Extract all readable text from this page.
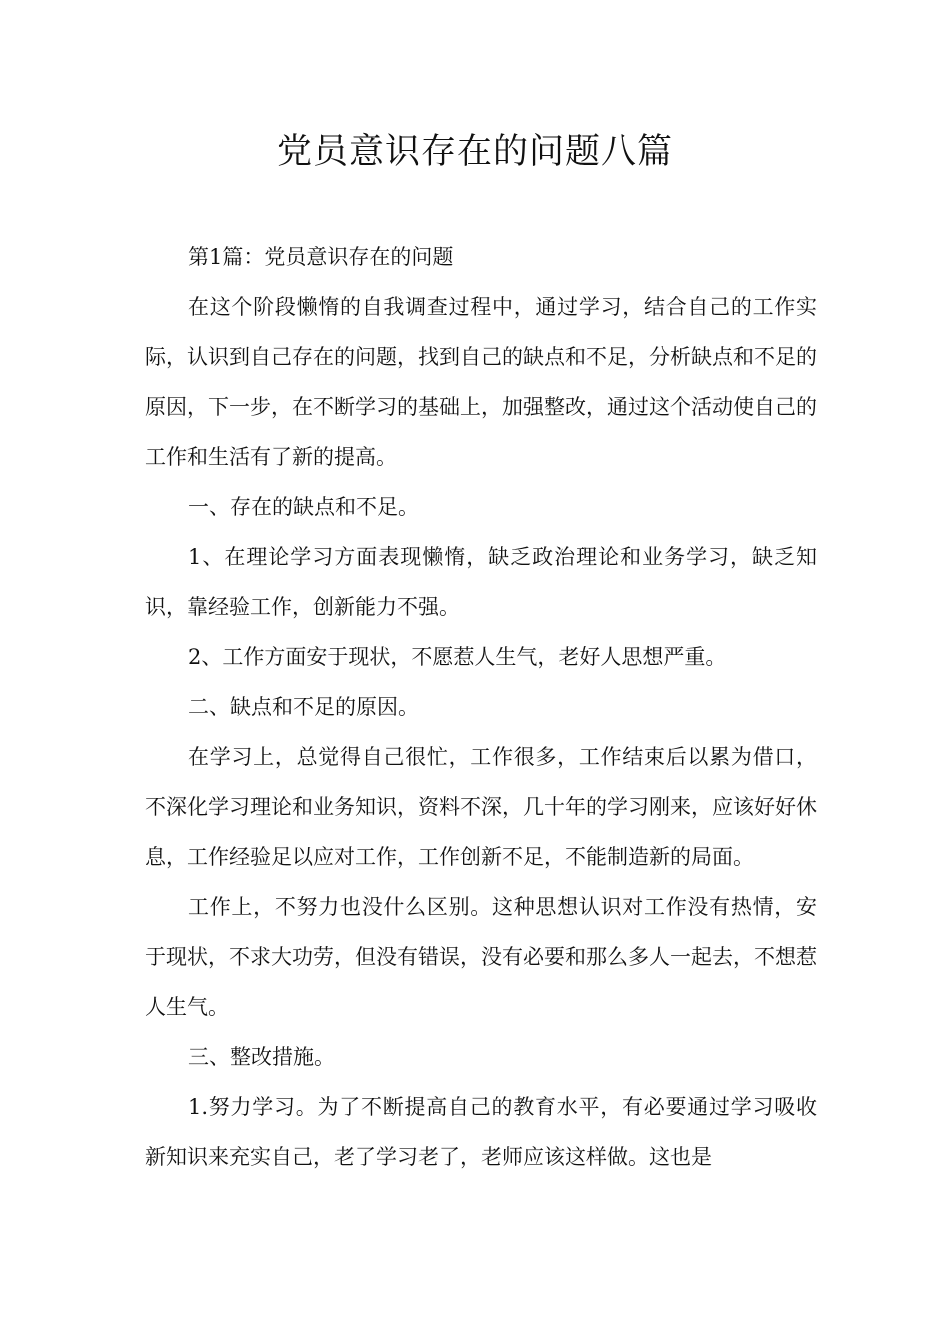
党员意识存在的问题八篇

第1篇：党员意识存在的问题

在这个阶段懒惰的自我调查过程中，通过学习，结合自己的工作实际，认识到自己存在的问题，找到自己的缺点和不足，分析缺点和不足的原因，下一步，在不断学习的基础上，加强整改，通过这个活动使自己的工作和生活有了新的提高。

一、存在的缺点和不足。

1、在理论学习方面表现懒惰，缺乏政治理论和业务学习，缺乏知识，靠经验工作，创新能力不强。

2、工作方面安于现状，不愿惹人生气，老好人思想严重。

二、缺点和不足的原因。

在学习上，总觉得自己很忙，工作很多，工作结束后以累为借口，不深化学习理论和业务知识，资料不深，几十年的学习刚来，应该好好休息，工作经验足以应对工作，工作创新不足，不能制造新的局面。

工作上，不努力也没什么区别。这种思想认识对工作没有热情，安于现状，不求大功劳，但没有错误，没有必要和那么多人一起去，不想惹人生气。

三、整改措施。

1.努力学习。为了不断提高自己的教育水平，有必要通过学习吸收新知识来充实自己，老了学习老了，老师应该这样做。这也是
